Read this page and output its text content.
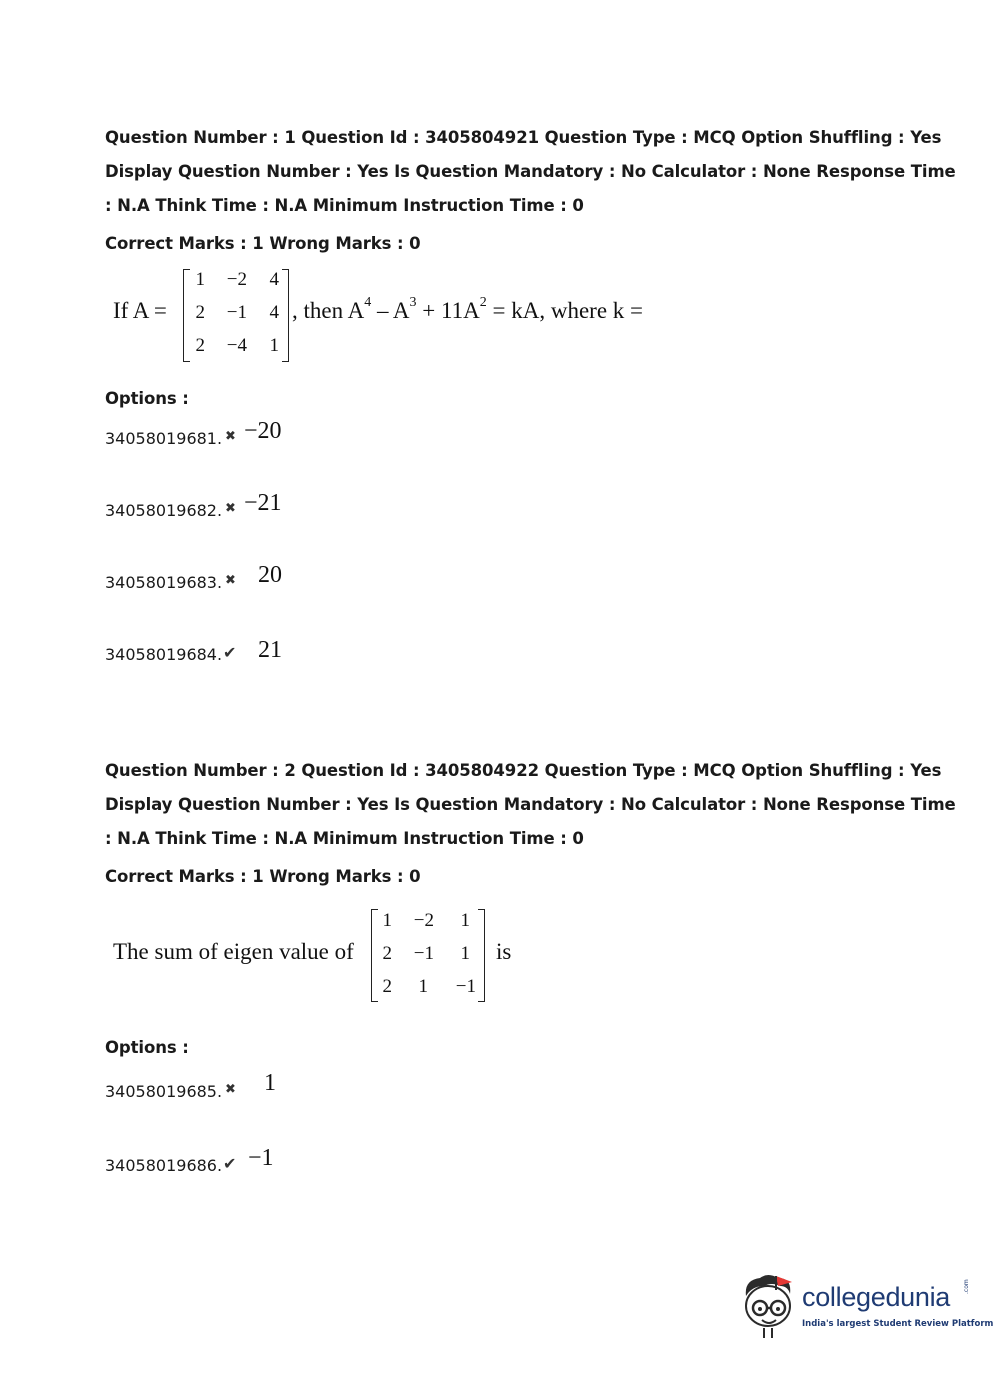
Question Number : 1 Question Id : 3405804921 Question Type : MCQ Option Shuffling : Yes
Display Question Number : Yes Is Question Mandatory : No Calculator : None Response Time
: N.A Think Time : N.A Minimum Instruction Time : 0
Correct Marks : 1 Wrong Marks : 0
If A =
1	−2	4
2	−1	4
2	−4	1
, then $A^4 - A^3 + 11A^2$ = kA, where k =
Options :
34058019681. ✖ −20
34058019682. ✖ −21
34058019683. ✖ 20
34058019684. ✔ 21
Question Number : 2 Question Id : 3405804922 Question Type : MCQ Option Shuffling : Yes
Display Question Number : Yes Is Question Mandatory : No Calculator : None Response Time
: N.A Think Time : N.A Minimum Instruction Time : 0
Correct Marks : 1 Wrong Marks : 0
The sum of eigen value of
1	−2	1
2	−1	1
2	1	−1
is
Options :
34058019685. ✖ 1
34058019686. ✔ −1
collegedunia .com
India's largest Student Review Platform
